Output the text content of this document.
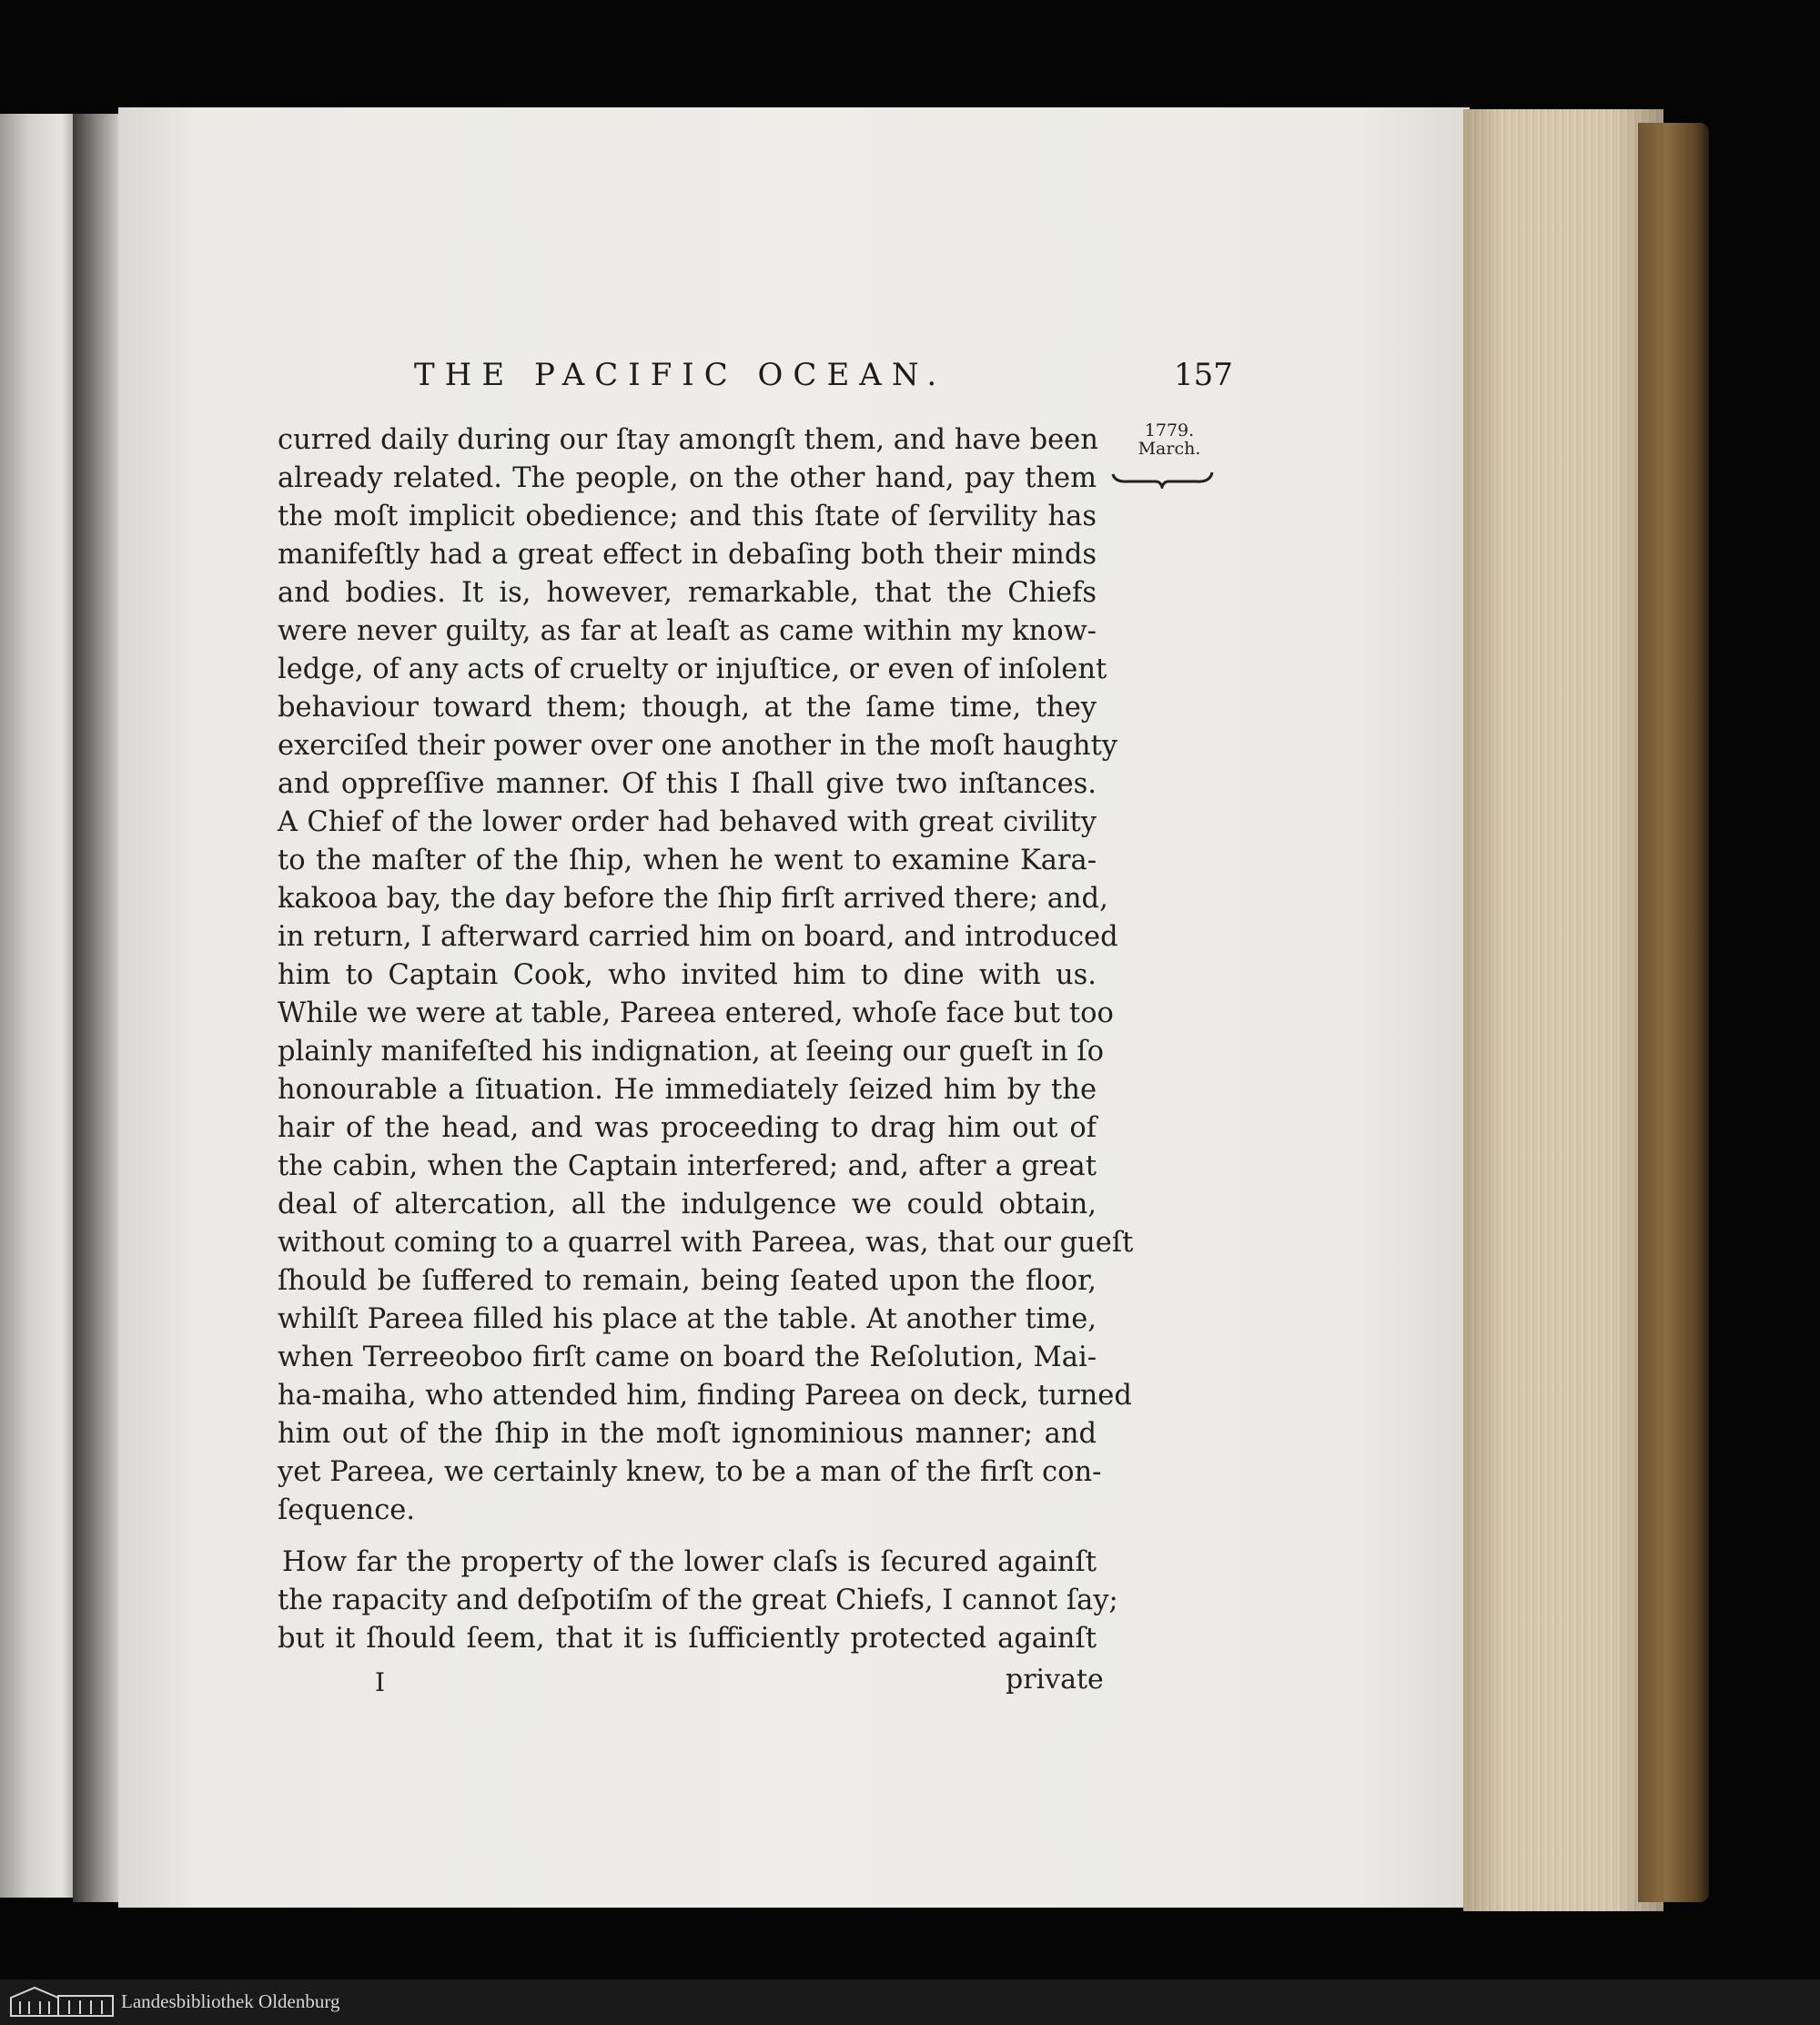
THE PACIFIC OCEAN.	157
1779.
March.
curred daily during our ſtay amongſt them, and have been
already related. The people, on the other hand, pay them
the moſt implicit obedience; and this ſtate of ſervility has
manifeſtly had a great effect in debaſing both their minds
and bodies. It is, however, remarkable, that the Chiefs
were never guilty, as far at leaſt as came within my know-
ledge, of any acts of cruelty or injuſtice, or even of inſolent
behaviour toward them; though, at the ſame time, they
exerciſed their power over one another in the moſt haughty
and oppreſſive manner. Of this I ſhall give two inſtances.
A Chief of the lower order had behaved with great civility
to the maſter of the ſhip, when he went to examine Kara-
kakooa bay, the day before the ſhip firſt arrived there; and,
in return, I afterward carried him on board, and introduced
him to Captain Cook, who invited him to dine with us.
While we were at table, Pareea entered, whoſe face but too
plainly manifeſted his indignation, at ſeeing our gueſt in ſo
honourable a ſituation. He immediately ſeized him by the
hair of the head, and was proceeding to drag him out of
the cabin, when the Captain interfered; and, after a great
deal of altercation, all the indulgence we could obtain,
without coming to a quarrel with Pareea, was, that our gueſt
ſhould be ſuffered to remain, being ſeated upon the floor,
whilſt Pareea filled his place at the table. At another time,
when Terreeoboo firſt came on board the Reſolution, Mai-
ha-maiha, who attended him, finding Pareea on deck, turned
him out of the ſhip in the moſt ignominious manner; and
yet Pareea, we certainly knew, to be a man of the firſt con-
ſequence.
How far the property of the lower claſs is ſecured againſt
the rapacity and deſpotiſm of the great Chiefs, I cannot ſay;
but it ſhould ſeem, that it is ſufficiently protected againſt
I	private
Landesbibliothek Oldenburg
